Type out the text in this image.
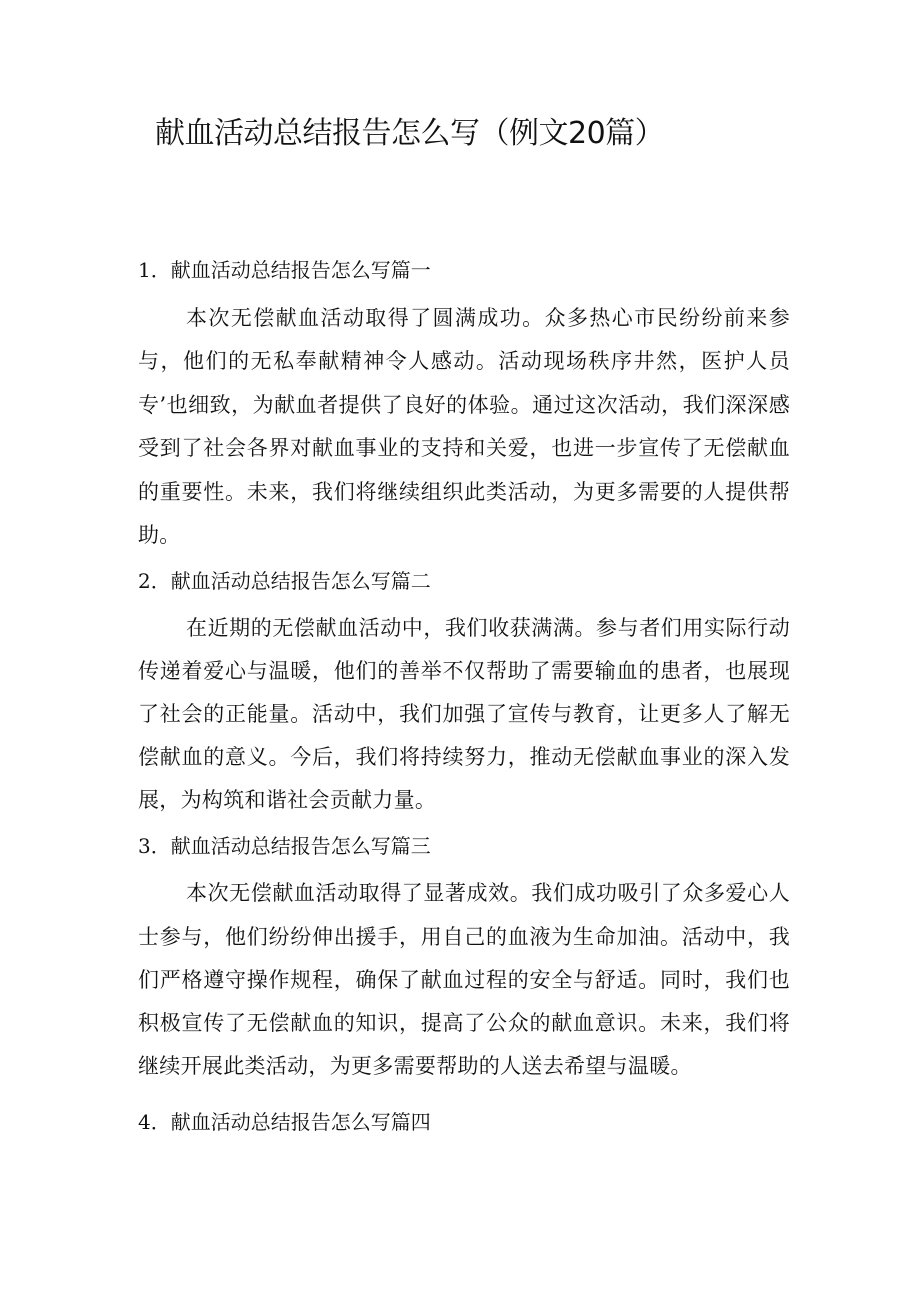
献血活动总结报告怎么写（例文20篇）
1．献血活动总结报告怎么写篇一

本次无偿献血活动取得了圆满成功。众多热心市民纷纷前来参与，他们的无私奉献精神令人感动。活动现场秩序井然，医护人员专’也细致，为献血者提供了良好的体验。通过这次活动，我们深深感受到了社会各界对献血事业的支持和关爱，也进一步宣传了无偿献血的重要性。未来，我们将继续组织此类活动，为更多需要的人提供帮助。

2．献血活动总结报告怎么写篇二

在近期的无偿献血活动中，我们收获满满。参与者们用实际行动传递着爱心与温暖，他们的善举不仅帮助了需要输血的患者，也展现了社会的正能量。活动中，我们加强了宣传与教育，让更多人了解无偿献血的意义。今后，我们将持续努力，推动无偿献血事业的深入发展，为构筑和谐社会贡献力量。

3．献血活动总结报告怎么写篇三

本次无偿献血活动取得了显著成效。我们成功吸引了众多爱心人士参与，他们纷纷伸出援手，用自己的血液为生命加油。活动中，我们严格遵守操作规程，确保了献血过程的安全与舒适。同时，我们也积极宣传了无偿献血的知识，提高了公众的献血意识。未来，我们将继续开展此类活动，为更多需要帮助的人送去希望与温暖。

4．献血活动总结报告怎么写篇四
